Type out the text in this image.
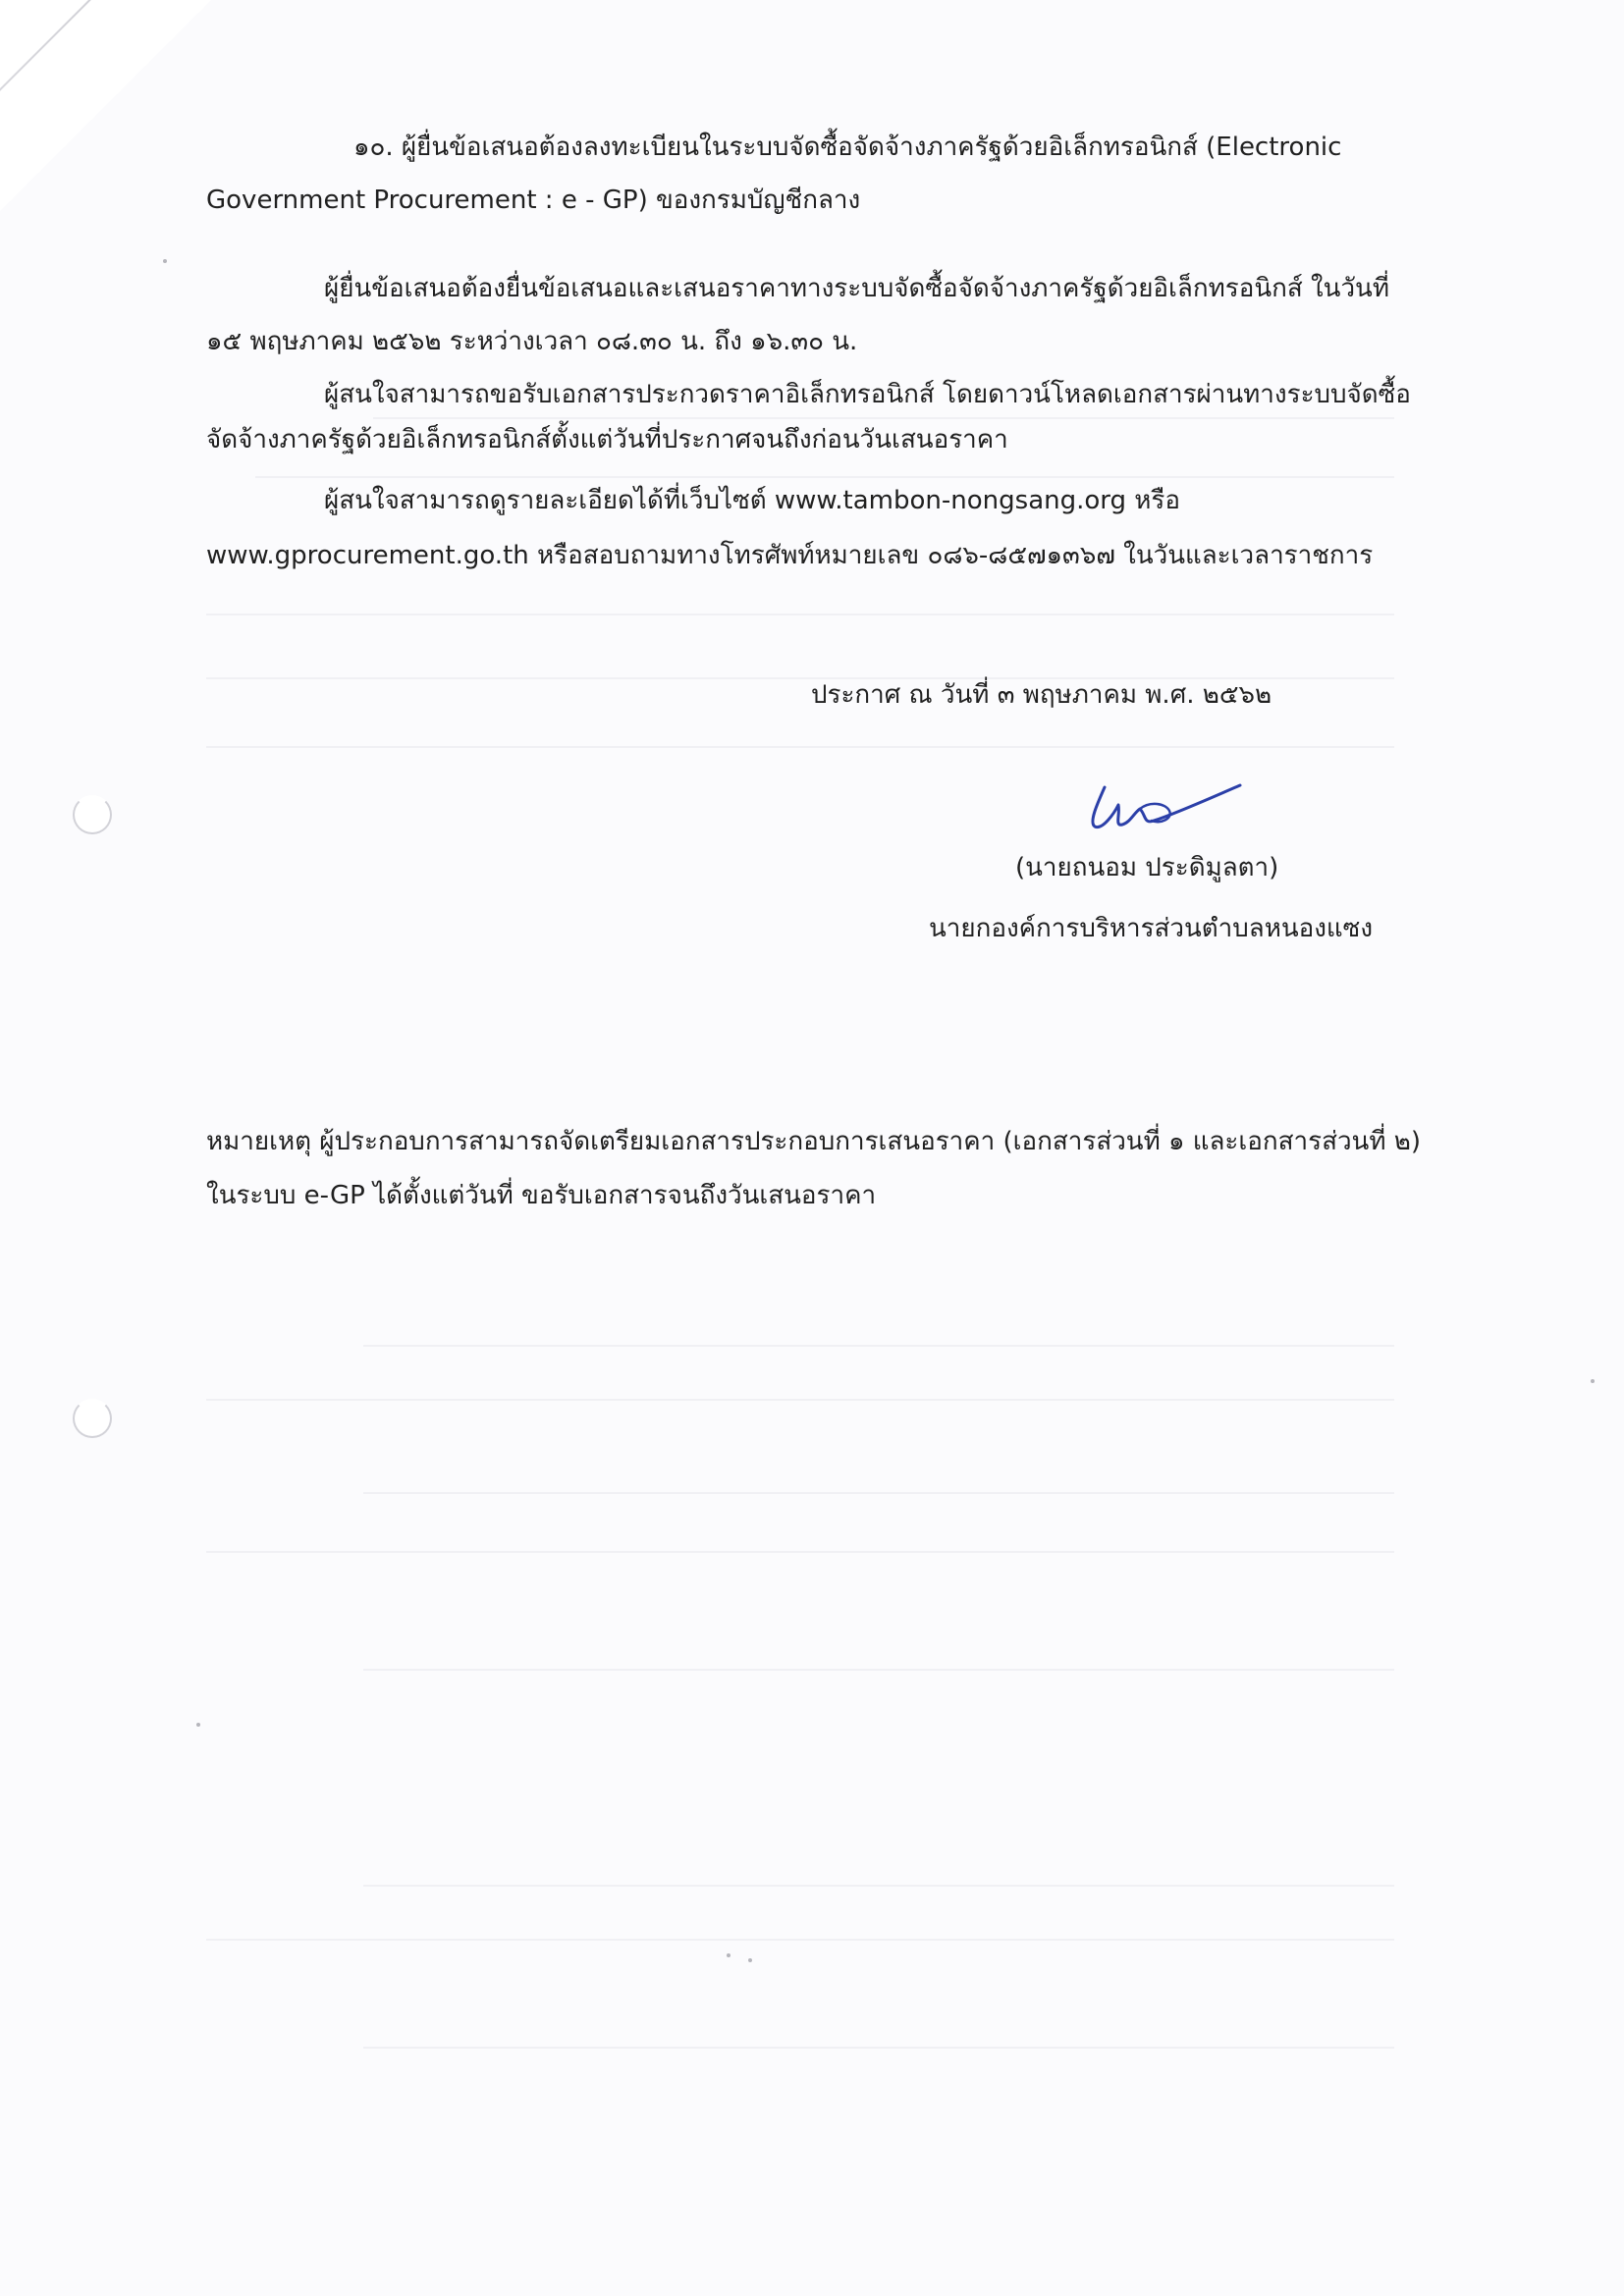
๑๐. ผู้ยื่นข้อเสนอต้องลงทะเบียนในระบบจัดซื้อจัดจ้างภาครัฐด้วยอิเล็กทรอนิกส์ (Electronic
Government Procurement : e - GP) ของกรมบัญชีกลาง
ผู้ยื่นข้อเสนอต้องยื่นข้อเสนอและเสนอราคาทางระบบจัดซื้อจัดจ้างภาครัฐด้วยอิเล็กทรอนิกส์ ในวันที่
๑๕ พฤษภาคม ๒๕๖๒ ระหว่างเวลา ๐๘.๓๐ น. ถึง ๑๖.๓๐ น.
ผู้สนใจสามารถขอรับเอกสารประกวดราคาอิเล็กทรอนิกส์ โดยดาวน์โหลดเอกสารผ่านทางระบบจัดซื้อ
จัดจ้างภาครัฐด้วยอิเล็กทรอนิกส์ตั้งแต่วันที่ประกาศจนถึงก่อนวันเสนอราคา
ผู้สนใจสามารถดูรายละเอียดได้ที่เว็บไซต์ www.tambon-nongsang.org หรือ
www.gprocurement.go.th หรือสอบถามทางโทรศัพท์หมายเลข ๐๘๖-๘๕๗๑๓๖๗ ในวันและเวลาราชการ
ประกาศ ณ วันที่ ๓ พฤษภาคม พ.ศ. ๒๕๖๒
(นายถนอม ประดิมูลตา)
นายกองค์การบริหารส่วนตำบลหนองแซง
หมายเหตุ ผู้ประกอบการสามารถจัดเตรียมเอกสารประกอบการเสนอราคา (เอกสารส่วนที่ ๑ และเอกสารส่วนที่ ๒)
ในระบบ e-GP ได้ตั้งแต่วันที่ ขอรับเอกสารจนถึงวันเสนอราคา
